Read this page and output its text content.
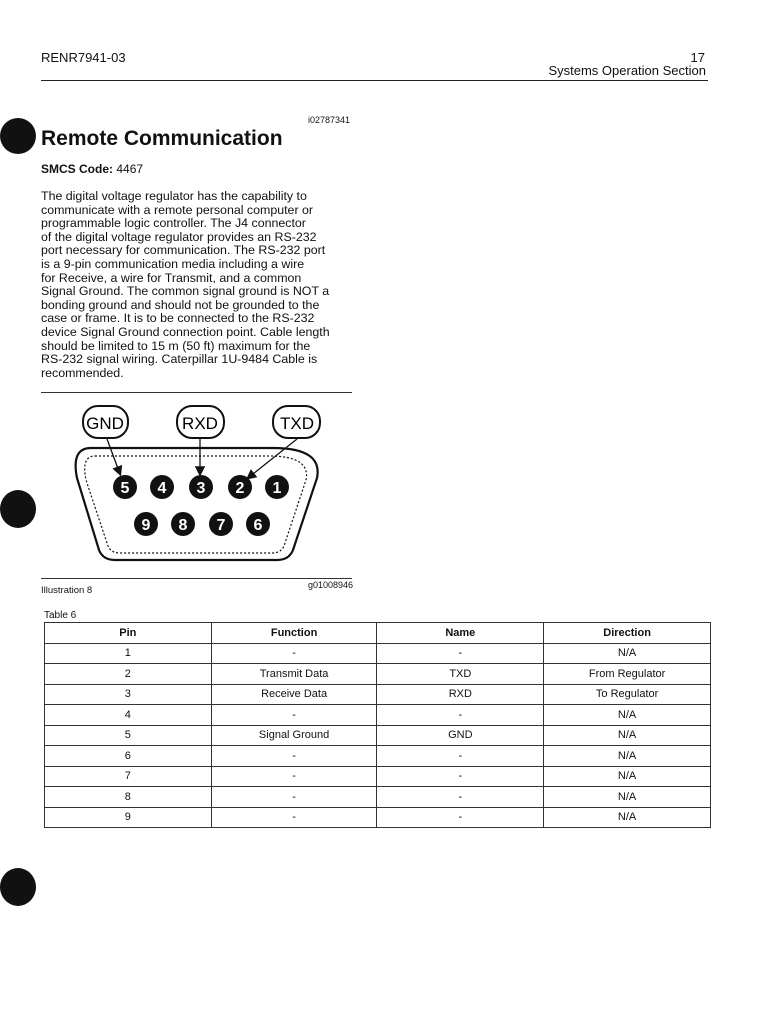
RENR7941-03	17
Systems Operation Section
i02787341
Remote Communication
SMCS Code: 4467
The digital voltage regulator has the capability to
communicate with a remote personal computer or
programmable logic controller. The J4 connector
of the digital voltage regulator provides an RS-232
port necessary for communication. The RS-232 port
is a 9-pin communication media including a wire
for Receive, a wire for Transmit, and a common
Signal Ground. The common signal ground is NOT a
bonding ground and should not be grounded to the
case or frame. It is to be connected to the RS-232
device Signal Ground connection point. Cable length
should be limited to 15 m (50 ft) maximum for the
RS-232 signal wiring. Caterpillar 1U-9484 Cable is
recommended.
GND	RXD	TXD
5 4 3 2 1
9 8 7 6
Illustration 8	g01008946
Table 6
Pin	Function	Name	Direction
1	-	-	N/A
2	Transmit Data	TXD	From Regulator
3	Receive Data	RXD	To Regulator
4	-	-	N/A
5	Signal Ground	GND	N/A
6	-	-	N/A
7	-	-	N/A
8	-	-	N/A
9	-	-	N/A
